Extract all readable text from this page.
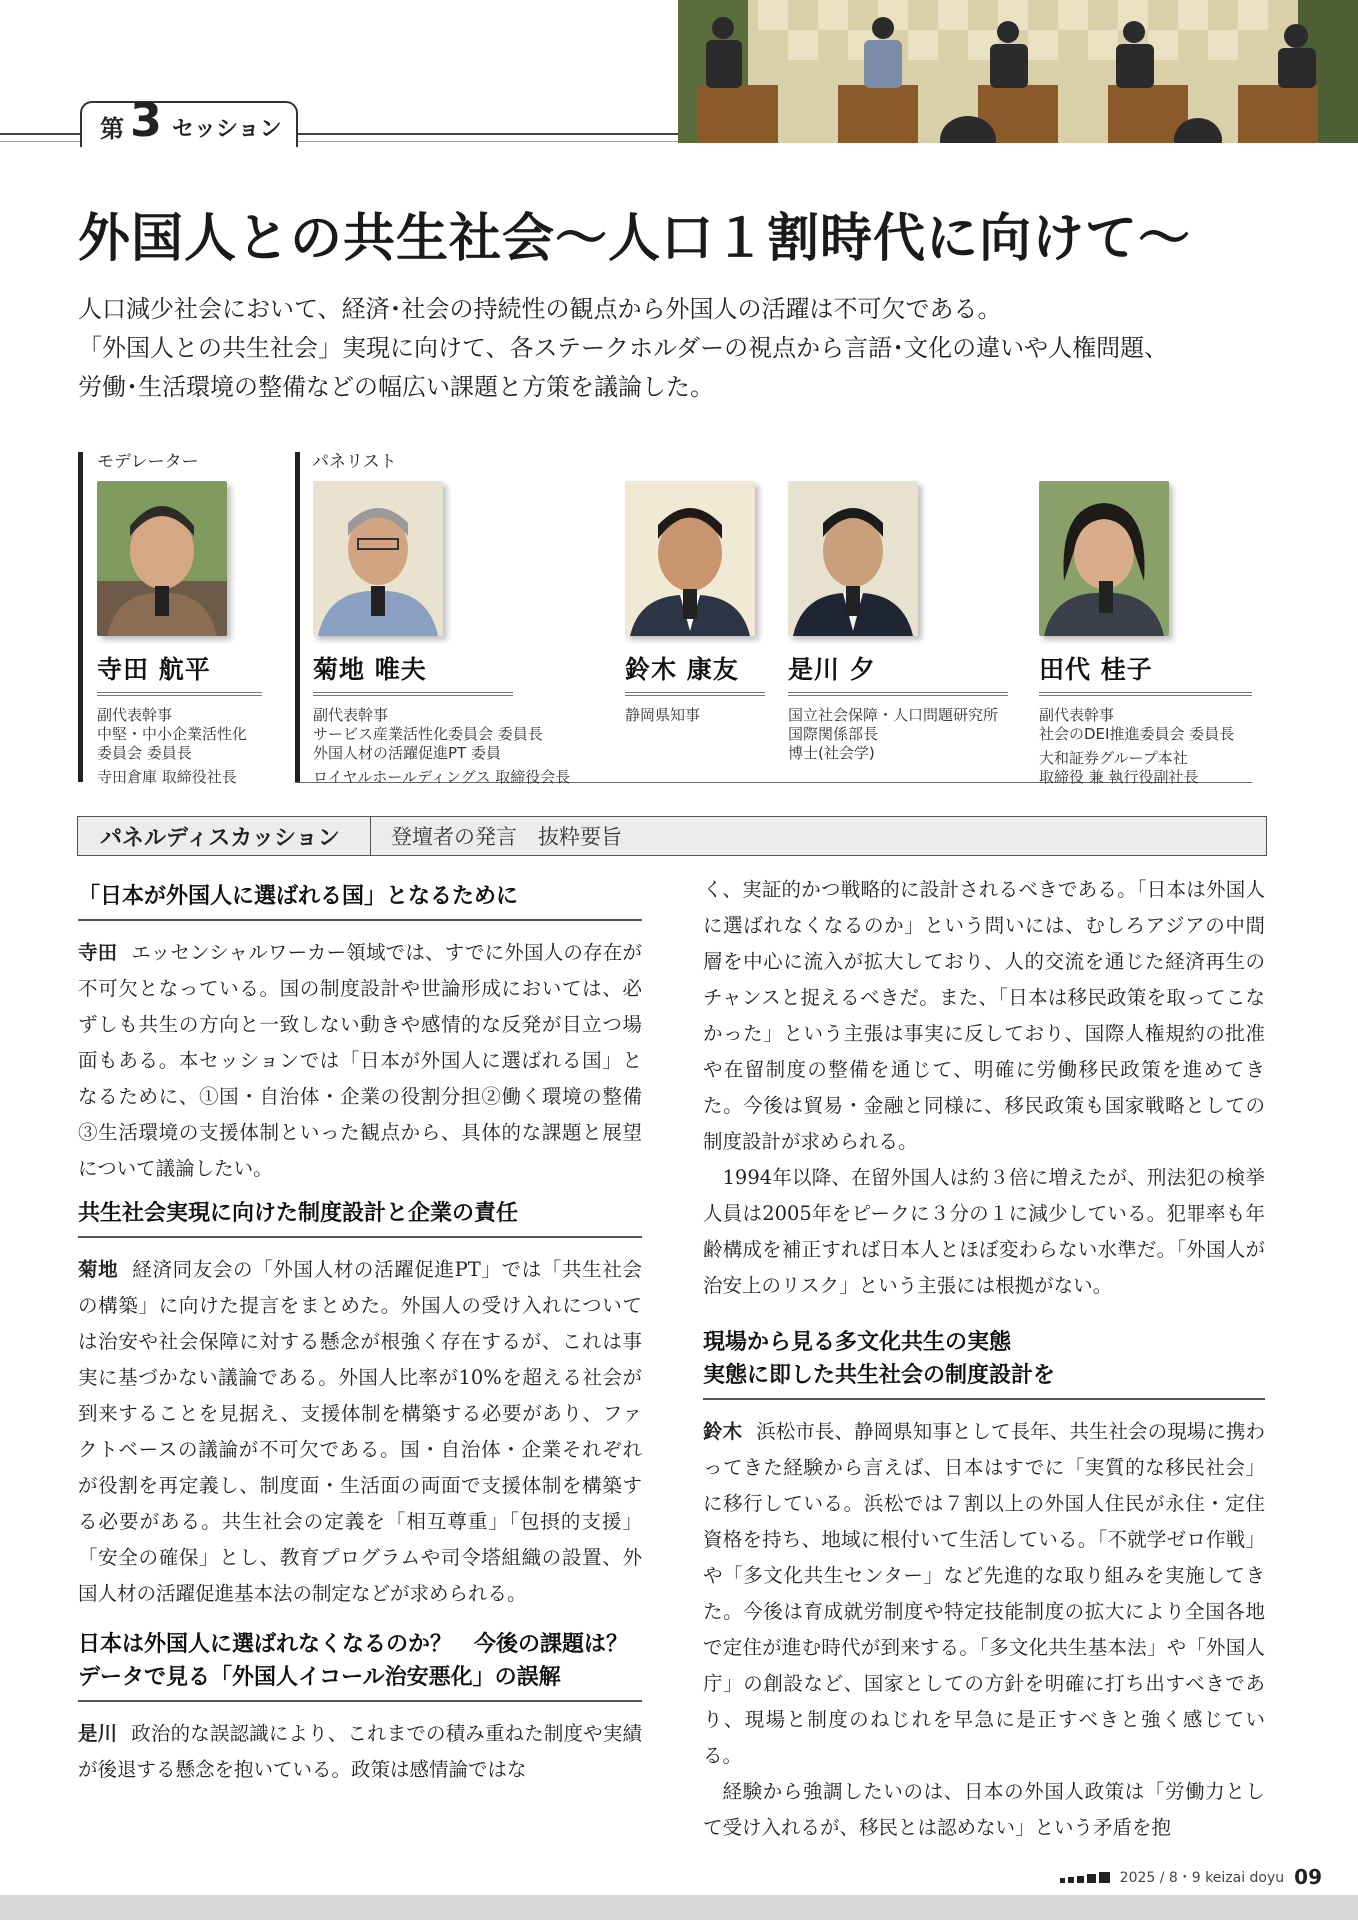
第 3 セッション
外国人との共生社会～人口１割時代に向けて～

人口減少社会において、経済･社会の持続性の観点から外国人の活躍は不可欠である。

「外国人との共生社会」実現に向けて、各ステークホルダーの視点から言語･文化の違いや人権問題、

労働･生活環境の整備などの幅広い課題と方策を議論した。

モデレーター	パネリスト
寺田 航平
副代表幹事
中堅・中小企業活性化
委員会 委員長
寺田倉庫 取締役社長
菊地 唯夫
副代表幹事
サービス産業活性化委員会 委員長
外国人材の活躍促進PT 委員
ロイヤルホールディングス 取締役会長
鈴木 康友
静岡県知事
是川 夕
国立社会保障・人口問題研究所
国際関係部長
博士(社会学)
田代 桂子
副代表幹事
社会のDEI推進委員会 委員長
大和証券グループ本社
取締役 兼 執行役副社長
パネルディスカッション	登壇者の発言　抜粋要旨
「日本が外国人に選ばれる国」となるために

寺田 エッセンシャルワーカー領域では、すでに外国人の存在が不可欠となっている。国の制度設計や世論形成においては、必ずしも共生の方向と一致しない動きや感情的な反発が目立つ場面もある。本セッションでは「日本が外国人に選ばれる国」となるために、①国・自治体・企業の役割分担②働く環境の整備③生活環境の支援体制といった観点から、具体的な課題と展望について議論したい。

共生社会実現に向けた制度設計と企業の責任

菊地 経済同友会の「外国人材の活躍促進PT」では「共生社会の構築」に向けた提言をまとめた。外国人の受け入れについては治安や社会保障に対する懸念が根強く存在するが、これは事実に基づかない議論である。外国人比率が10%を超える社会が到来することを見据え、支援体制を構築する必要があり、ファクトベースの議論が不可欠である。国・自治体・企業それぞれが役割を再定義し、制度面・生活面の両面で支援体制を構築する必要がある。共生社会の定義を「相互尊重」「包摂的支援」「安全の確保」とし、教育プログラムや司令塔組織の設置、外国人材の活躍促進基本法の制定などが求められる。

日本は外国人に選ばれなくなるのか？　今後の課題は？
データで見る「外国人イコール治安悪化」の誤解

是川 政治的な誤認識により、これまでの積み重ねた制度や実績が後退する懸念を抱いている。政策は感情論ではな

く、実証的かつ戦略的に設計されるべきである。「日本は外国人に選ばれなくなるのか」という問いには、むしろアジアの中間層を中心に流入が拡大しており、人的交流を通じた経済再生のチャンスと捉えるべきだ。また、「日本は移民政策を取ってこなかった」という主張は事実に反しており、国際人権規約の批准や在留制度の整備を通じて、明確に労働移民政策を進めてきた。今後は貿易・金融と同様に、移民政策も国家戦略としての制度設計が求められる。

1994年以降、在留外国人は約３倍に増えたが、刑法犯の検挙人員は2005年をピークに３分の１に減少している。犯罪率も年齢構成を補正すれば日本人とほぼ変わらない水準だ。「外国人が治安上のリスク」という主張には根拠がない。

現場から見る多文化共生の実態
実態に即した共生社会の制度設計を

鈴木 浜松市長、静岡県知事として長年、共生社会の現場に携わってきた経験から言えば、日本はすでに「実質的な移民社会」に移行している。浜松では７割以上の外国人住民が永住・定住資格を持ち、地域に根付いて生活している。「不就学ゼロ作戦」や「多文化共生センター」など先進的な取り組みを実施してきた。今後は育成就労制度や特定技能制度の拡大により全国各地で定住が進む時代が到来する。「多文化共生基本法」や「外国人庁」の創設など、国家としての方針を明確に打ち出すべきであり、現場と制度のねじれを早急に是正すべきと強く感じている。

経験から強調したいのは、日本の外国人政策は「労働力として受け入れるが、移民とは認めない」という矛盾を抱

2025 / 8・9 keizai doyu 09
